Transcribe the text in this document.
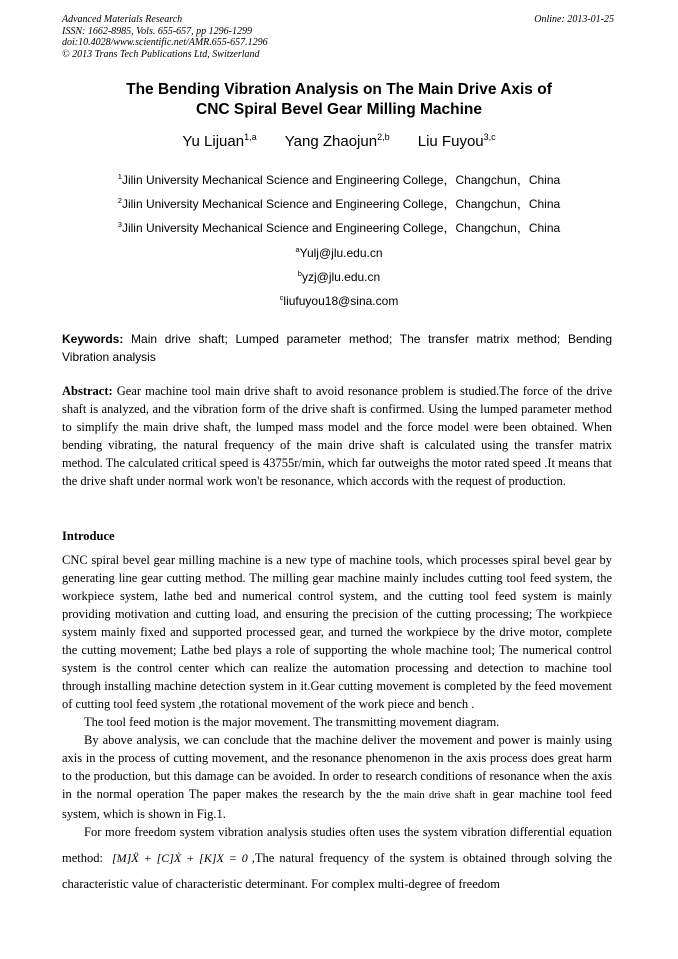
Advanced Materials Research
ISSN: 1662-8985, Vols. 655-657, pp 1296-1299
doi:10.4028/www.scientific.net/AMR.655-657.1296
© 2013 Trans Tech Publications Ltd, Switzerland
Online: 2013-01-25
The Bending Vibration Analysis on The Main Drive Axis of
CNC Spiral Bevel Gear Milling Machine
Yu Lijuan$^{1,a}$ Yang Zhaojun$^{2,b}$ Liu Fuyou$^{3,c}$
$^1$Jilin University Mechanical Science and Engineering College，Changchun，China
$^2$Jilin University Mechanical Science and Engineering College，Changchun，China
$^3$Jilin University Mechanical Science and Engineering College，Changchun，China
$^a$Yulj@jlu.edu.cn
$^b$yzj@jlu.edu.cn
$^c$liufuyou18@sina.com
Keywords: Main drive shaft; Lumped parameter method; The transfer matrix method; Bending Vibration analysis
Abstract: Gear machine tool main drive shaft to avoid resonance problem is studied.The force of the drive shaft is analyzed, and the vibration form of the drive shaft is confirmed. Using the lumped parameter method to simplify the main drive shaft, the lumped mass model and the force model were been obtained. When bending vibrating, the natural frequency of the main drive shaft is calculated using the transfer matrix method. The calculated critical speed is 43755r/min, which far outweighs the motor rated speed .It means that the drive shaft under normal work won't be resonance, which accords with the request of production.
Introduce
CNC spiral bevel gear milling machine is a new type of machine tools, which processes spiral bevel gear by generating line gear cutting method. The milling gear machine mainly includes cutting tool feed system, the workpiece system, lathe bed and numerical control system, and the cutting tool feed system is mainly providing motivation and cutting load, and ensuring the precision of the cutting processing; The workpiece system mainly fixed and supported processed gear, and turned the workpiece by the drive motor, complete the cutting movement; Lathe bed plays a role of supporting the whole machine tool; The numerical control system is the control center which can realize the automation processing and detection to machine tool through installing machine detection system in it.Gear cutting movement is completed by the feed movement of cutting tool feed system ,the rotational movement of the work piece and bench .
The tool feed motion is the major movement. The transmitting movement diagram.
By above analysis, we can conclude that the machine deliver the movement and power is mainly using axis in the process of cutting movement, and the resonance phenomenon in the axis process does great harm to the production, but this damage can be avoided. In order to research conditions of resonance when the axis in the normal operation The paper makes the research by the the main drive shaft in gear machine tool feed system, which is shown in Fig.1.
For more freedom system vibration analysis studies often uses the system vibration differential equation method: [M]Ẍ + [C]Ẋ + [K]X = 0 ,The natural frequency of the system is obtained through solving the characteristic value of characteristic determinant. For complex multi-degree of freedom
